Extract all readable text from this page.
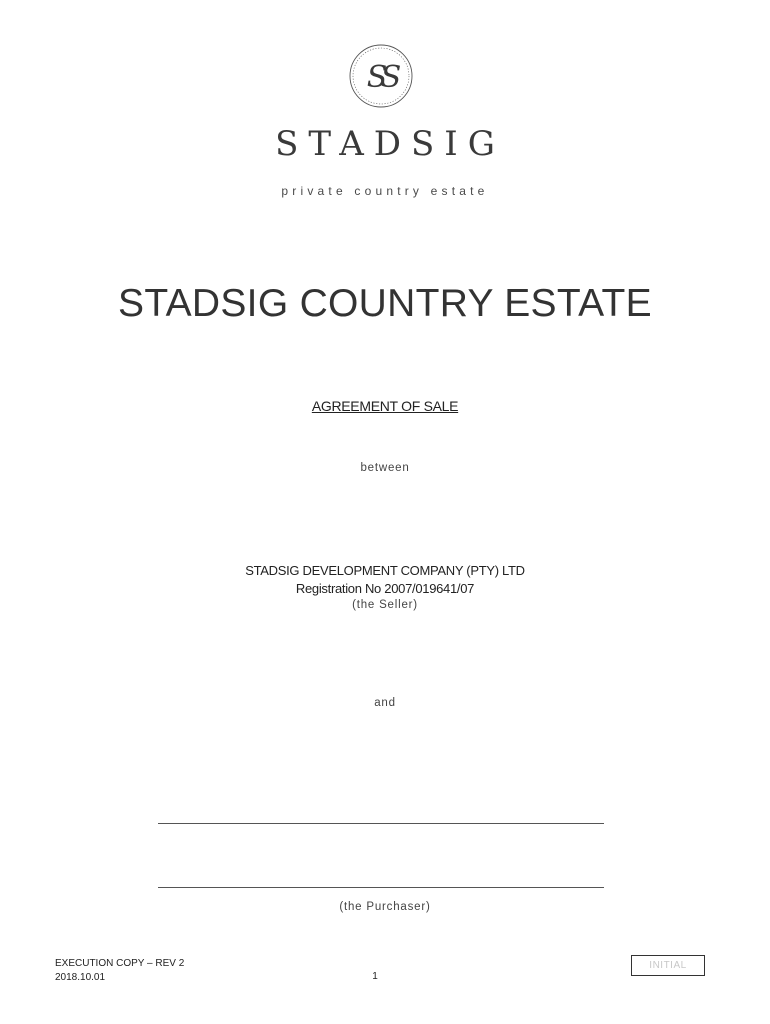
SS
STADSIG
private country estate
STADSIG COUNTRY ESTATE
AGREEMENT OF SALE
between
STADSIG DEVELOPMENT COMPANY (PTY) LTD
Registration No 2007/019641/07
(the Seller)
and
(the Purchaser)
EXECUTION COPY – REV 2
2018.10.01	1
INITIAL
